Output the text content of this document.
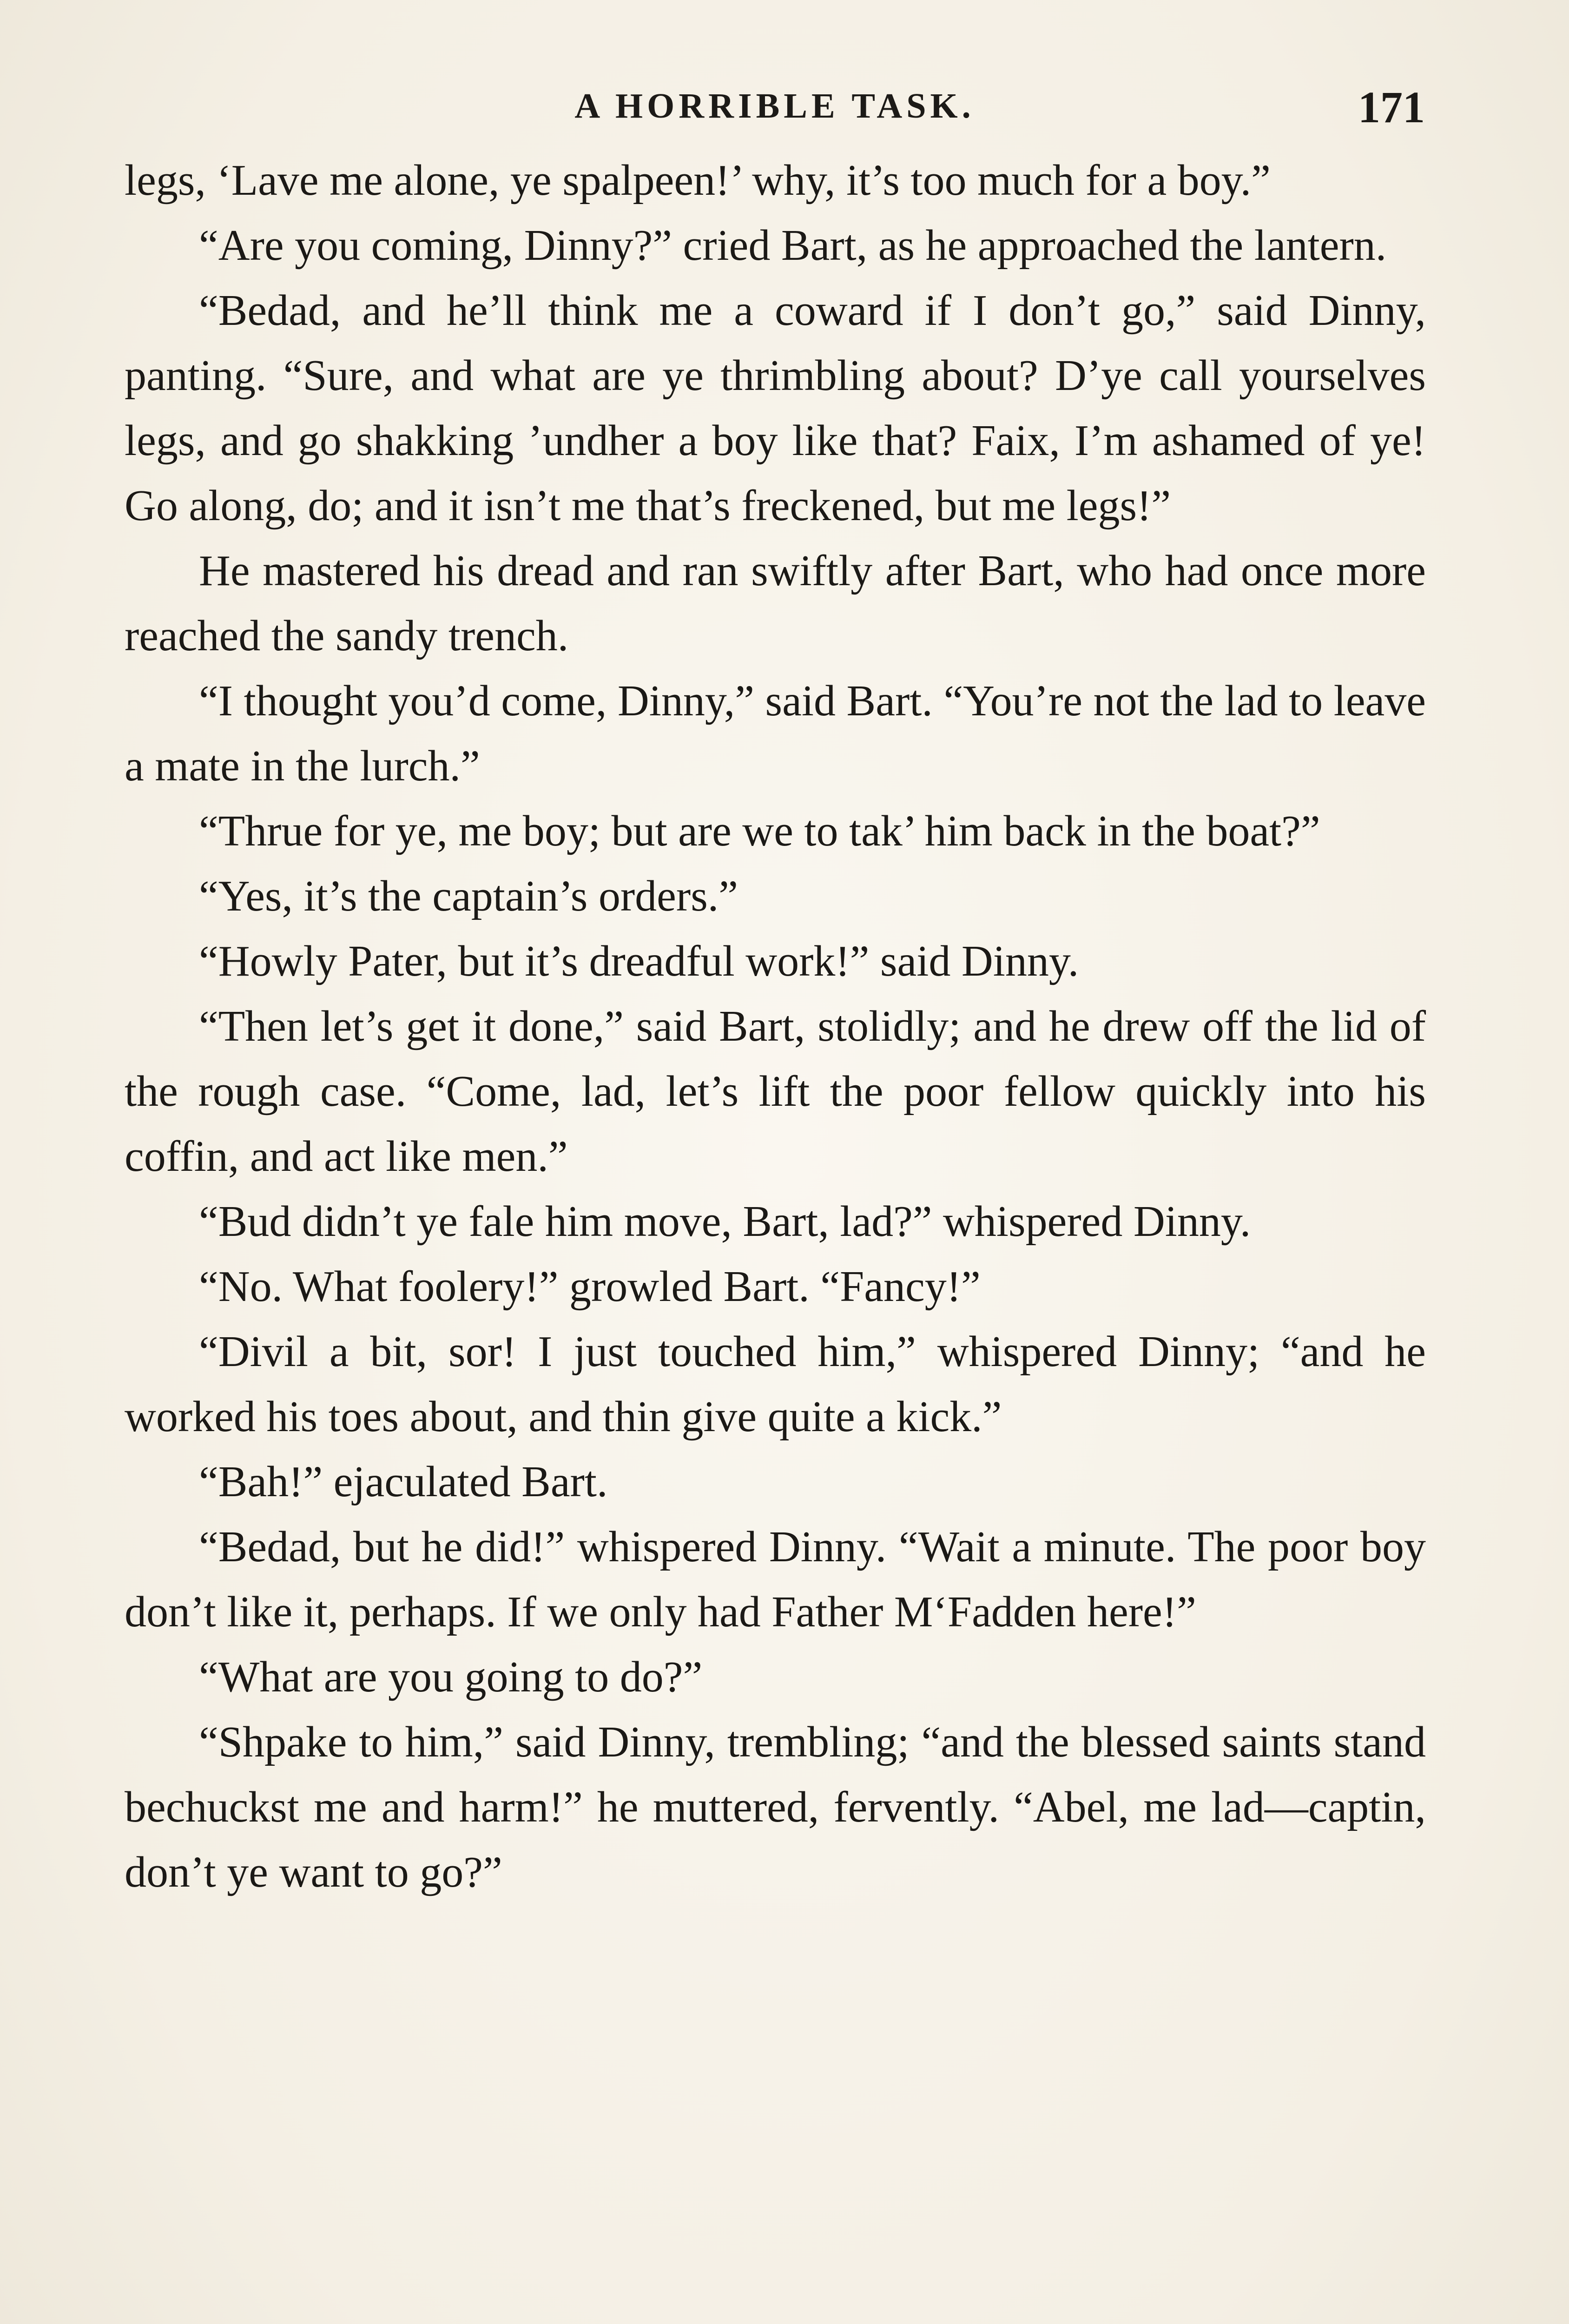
A HORRIBLE TASK.	171

legs, ‘Lave me alone, ye spalpeen!’ why, it’s too much for a boy.”

“Are you coming, Dinny?” cried Bart, as he approached the lantern.

“Bedad, and he’ll think me a coward if I don’t go,” said Dinny, panting. “Sure, and what are ye thrimbling about? D’ye call yourselves legs, and go shakking ’undher a boy like that? Faix, I’m ashamed of ye! Go along, do; and it isn’t me that’s freckened, but me legs!”

He mastered his dread and ran swiftly after Bart, who had once more reached the sandy trench.

“I thought you’d come, Dinny,” said Bart. “You’re not the lad to leave a mate in the lurch.”

“Thrue for ye, me boy; but are we to tak’ him back in the boat?”

“Yes, it’s the captain’s orders.”

“Howly Pater, but it’s dreadful work!” said Dinny.

“Then let’s get it done,” said Bart, stolidly; and he drew off the lid of the rough case. “Come, lad, let’s lift the poor fellow quickly into his coffin, and act like men.”

“Bud didn’t ye fale him move, Bart, lad?” whispered Dinny.

“No. What foolery!” growled Bart. “Fancy!”

“Divil a bit, sor! I just touched him,” whispered Dinny; “and he worked his toes about, and thin give quite a kick.”

“Bah!” ejaculated Bart.

“Bedad, but he did!” whispered Dinny. “Wait a minute. The poor boy don’t like it, perhaps. If we only had Father M‘Fadden here!”

“What are you going to do?”

“Shpake to him,” said Dinny, trembling; “and the blessed saints stand bechuckst me and harm!” he muttered, fervently. “Abel, me lad—captin, don’t ye want to go?”
